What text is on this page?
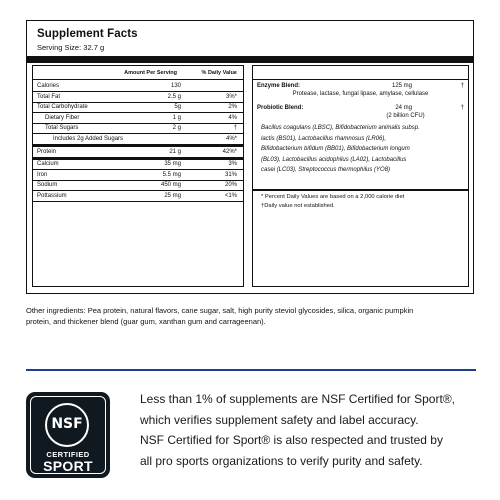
Supplement Facts
Serving Size: 32.7 g
Amount Per Serving	% Daily Value
Calories	130
Total Fat	2.5 g	3%*
Total Carbohydrate	5g	2%
Dietary Fiber	1 g	4%
Total Sugars	2 g	†
Includes 2g Added Sugars	4%*
Protein	21 g	42%*
Calcium	35 mg	3%
Iron	5.5 mg	31%
Sodium	450 mg	20%
Pottassium	25 mg	<1%
Enzyme Blend:	125 mg	†
Protease, lactase, fungal lipase, amylase, cellulase
Probiotic Blend:	24 mg	†
(2 billion CFU)
Bacillus coagulans (LBSC), Bifidobacterium animalis subsp.
lactis (BS01), Lactobacillus rhamnosus (LR06),
Bifidobacterium bifidum (BB01), Bifidobacterium longum
(BL03), Lactobacillus acidophilus (LA02), Lactobacillus
casei (LC03), Streptococcus thermophilus (YO8)
* Percent Daily Values are based on a 2,000 calorie diet
†Daily value not established.
Other ingredients: Pea protein, natural flavors, cane sugar, salt, high purity steviol glycosides, silica, organic pumpkin
protein, and thickener blend (guar gum, xanthan gum and carrageenan).
NSF
CERTIFIED
SPORT
Less than 1% of supplements are NSF Certified for Sport®,
which verifies supplement safety and label accuracy.
NSF Certified for Sport® is also respected and trusted by
all pro sports organizations to verify purity and safety.
